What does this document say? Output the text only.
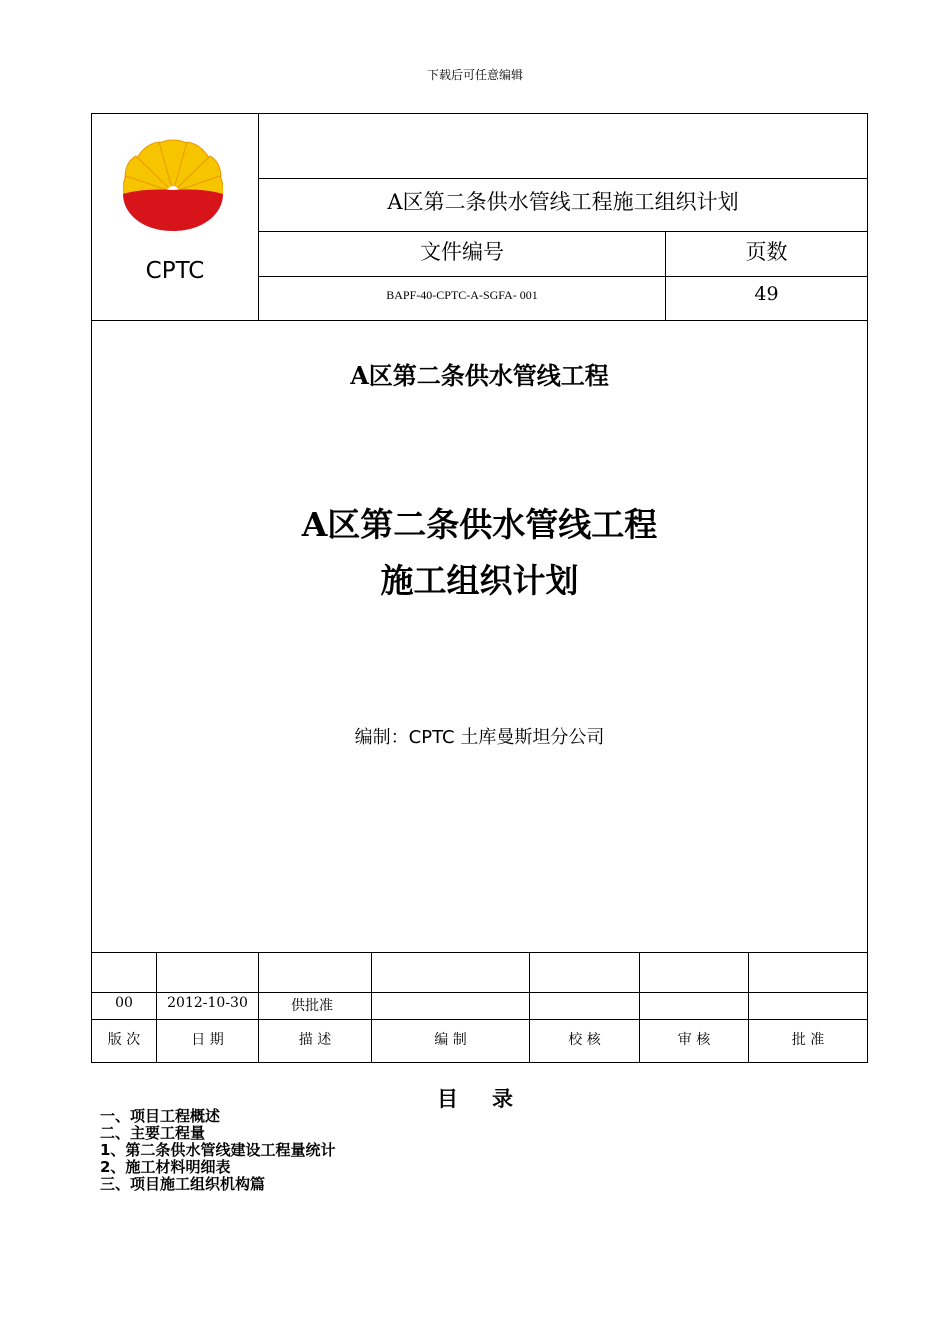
下载后可任意编辑
CPTC
A区第二条供水管线工程施工组织计划
文件编号	页数
BAPF-40-CPTC-A-SGFA- 001	49
A区第二条供水管线工程
A区第二条供水管线工程
施工组织计划
编制：CPTC 土库曼斯坦分公司
00	2012-10-30	供批准
版 次	日 期	描 述	编 制	校 核	审 核	批 准
目录
一、项目工程概述
二、主要工程量
1、第二条供水管线建设工程量统计
2、施工材料明细表
三、项目施工组织机构篇
